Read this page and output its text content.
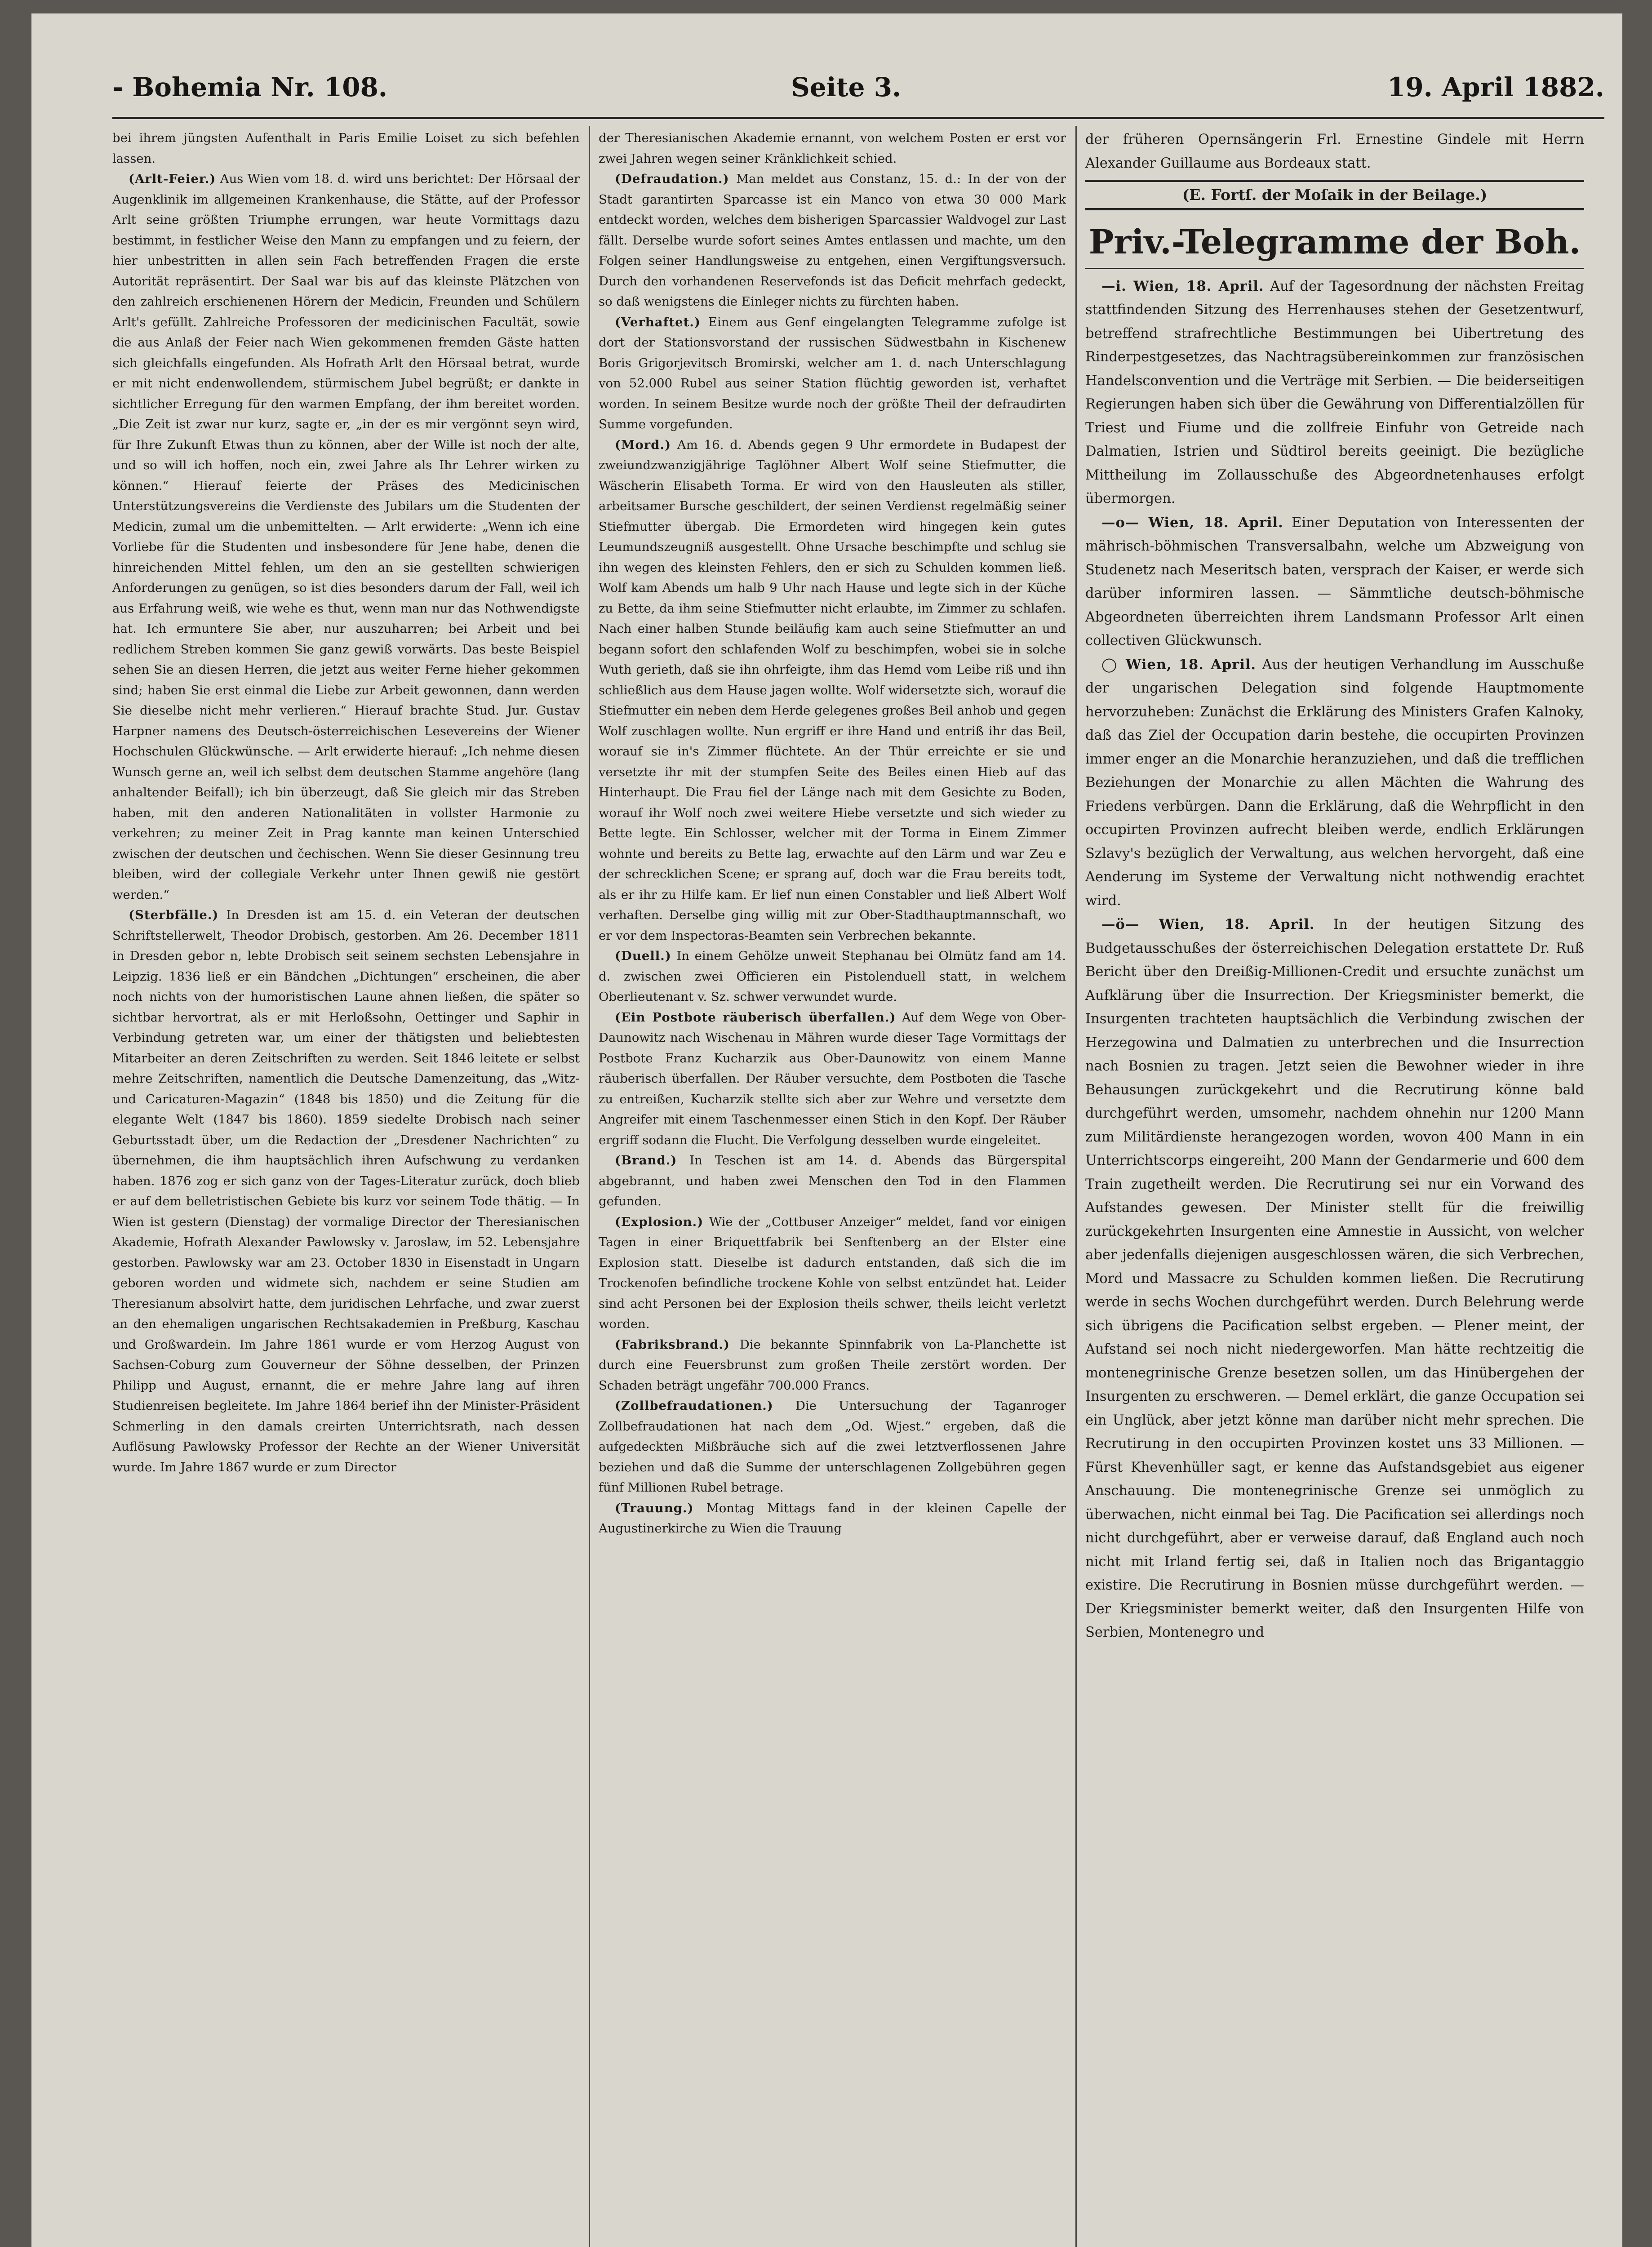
- Bohemia Nr. 108.	Seite 3.	19. April 1882.

bei ihrem jüngsten Aufenthalt in Paris Emilie Loiset zu sich befehlen lassen.

(Arlt-Feier.) Aus Wien vom 18. d. wird uns berichtet: Der Hörsaal der Augenklinik im allgemeinen Krankenhause, die Stätte, auf der Professor Arlt seine größten Triumphe errungen, war heute Vormittags dazu bestimmt, in festlicher Weise den Mann zu empfangen und zu feiern, der hier unbestritten in allen sein Fach betreffenden Fragen die erste Autorität repräsentirt. Der Saal war bis auf das kleinste Plätzchen von den zahlreich erschienenen Hörern der Medicin, Freunden und Schülern Arlt's gefüllt. Zahlreiche Professoren der medicinischen Facultät, sowie die aus Anlaß der Feier nach Wien gekommenen fremden Gäste hatten sich gleichfalls eingefunden. Als Hofrath Arlt den Hörsaal betrat, wurde er mit nicht endenwollendem, stürmischem Jubel begrüßt; er dankte in sichtlicher Erregung für den warmen Empfang, der ihm bereitet worden. „Die Zeit ist zwar nur kurz, sagte er, „in der es mir vergönnt seyn wird, für Ihre Zukunft Etwas thun zu können, aber der Wille ist noch der alte, und so will ich hoffen, noch ein, zwei Jahre als Ihr Lehrer wirken zu können.“ Hierauf feierte der Präses des Medicinischen Unterstützungsvereins die Verdienste des Jubilars um die Studenten der Medicin, zumal um die unbemittelten. — Arlt erwiderte: „Wenn ich eine Vorliebe für die Studenten und insbesondere für Jene habe, denen die hinreichenden Mittel fehlen, um den an sie gestellten schwierigen Anforderungen zu genügen, so ist dies besonders darum der Fall, weil ich aus Erfahrung weiß, wie wehe es thut, wenn man nur das Nothwendigste hat. Ich ermuntere Sie aber, nur auszuharren; bei Arbeit und bei redlichem Streben kommen Sie ganz gewiß vorwärts. Das beste Beispiel sehen Sie an diesen Herren, die jetzt aus weiter Ferne hieher gekommen sind; haben Sie erst einmal die Liebe zur Arbeit gewonnen, dann werden Sie dieselbe nicht mehr verlieren.“ Hierauf brachte Stud. Jur. Gustav Harpner namens des Deutsch-österreichischen Lesevereins der Wiener Hochschulen Glückwünsche. — Arlt erwiderte hierauf: „Ich nehme diesen Wunsch gerne an, weil ich selbst dem deutschen Stamme angehöre (lang anhaltender Beifall); ich bin überzeugt, daß Sie gleich mir das Streben haben, mit den anderen Nationalitäten in vollster Harmonie zu verkehren; zu meiner Zeit in Prag kannte man keinen Unterschied zwischen der deutschen und čechischen. Wenn Sie dieser Gesinnung treu bleiben, wird der collegiale Verkehr unter Ihnen gewiß nie gestört werden.“

(Sterbfälle.) In Dresden ist am 15. d. ein Veteran der deutschen Schriftstellerwelt, Theodor Drobisch, gestorben. Am 26. December 1811 in Dresden gebor n, lebte Drobisch seit seinem sechsten Lebensjahre in Leipzig. 1836 ließ er ein Bändchen „Dichtungen“ erscheinen, die aber noch nichts von der humoristischen Laune ahnen ließen, die später so sichtbar hervortrat, als er mit Herloßsohn, Oettinger und Saphir in Verbindung getreten war, um einer der thätigsten und beliebtesten Mitarbeiter an deren Zeitschriften zu werden. Seit 1846 leitete er selbst mehre Zeitschriften, namentlich die Deutsche Damenzeitung, das „Witz- und Caricaturen-Magazin“ (1848 bis 1850) und die Zeitung für die elegante Welt (1847 bis 1860). 1859 siedelte Drobisch nach seiner Geburtsstadt über, um die Redaction der „Dresdener Nachrichten“ zu übernehmen, die ihm hauptsächlich ihren Aufschwung zu verdanken haben. 1876 zog er sich ganz von der Tages-Literatur zurück, doch blieb er auf dem belletristischen Gebiete bis kurz vor seinem Tode thätig. — In Wien ist gestern (Dienstag) der vormalige Director der Theresianischen Akademie, Hofrath Alexander Pawlowsky v. Jaroslaw, im 52. Lebensjahre gestorben. Pawlowsky war am 23. October 1830 in Eisenstadt in Ungarn geboren worden und widmete sich, nachdem er seine Studien am Theresianum absolvirt hatte, dem juridischen Lehrfache, und zwar zuerst an den ehemaligen ungarischen Rechtsakademien in Preßburg, Kaschau und Großwardein. Im Jahre 1861 wurde er vom Herzog August von Sachsen-Coburg zum Gouverneur der Söhne desselben, der Prinzen Philipp und August, ernannt, die er mehre Jahre lang auf ihren Studienreisen begleitete. Im Jahre 1864 berief ihn der Minister-Präsident Schmerling in den damals creirten Unterrichtsrath, nach dessen Auflösung Pawlowsky Professor der Rechte an der Wiener Universität wurde. Im Jahre 1867 wurde er zum Director

der Theresianischen Akademie ernannt, von welchem Posten er erst vor zwei Jahren wegen seiner Kränklichkeit schied.

(Defraudation.) Man meldet aus Constanz, 15. d.: In der von der Stadt garantirten Sparcasse ist ein Manco von etwa 30 000 Mark entdeckt worden, welches dem bisherigen Sparcassier Waldvogel zur Last fällt. Derselbe wurde sofort seines Amtes entlassen und machte, um den Folgen seiner Handlungsweise zu entgehen, einen Vergiftungsversuch. Durch den vorhandenen Reservefonds ist das Deficit mehrfach gedeckt, so daß wenigstens die Einleger nichts zu fürchten haben.

(Verhaftet.) Einem aus Genf eingelangten Telegramme zufolge ist dort der Stationsvorstand der russischen Südwestbahn in Kischenew Boris Grigorjevitsch Bromirski, welcher am 1. d. nach Unterschlagung von 52.000 Rubel aus seiner Station flüchtig geworden ist, verhaftet worden. In seinem Besitze wurde noch der größte Theil der defraudirten Summe vorgefunden.

(Mord.) Am 16. d. Abends gegen 9 Uhr ermordete in Budapest der zweiundzwanzigjährige Taglöhner Albert Wolf seine Stiefmutter, die Wäscherin Elisabeth Torma. Er wird von den Hausleuten als stiller, arbeitsamer Bursche geschildert, der seinen Verdienst regelmäßig seiner Stiefmutter übergab. Die Ermordeten wird hingegen kein gutes Leumundszeugniß ausgestellt. Ohne Ursache beschimpfte und schlug sie ihn wegen des kleinsten Fehlers, den er sich zu Schulden kommen ließ. Wolf kam Abends um halb 9 Uhr nach Hause und legte sich in der Küche zu Bette, da ihm seine Stiefmutter nicht erlaubte, im Zimmer zu schlafen. Nach einer halben Stunde beiläufig kam auch seine Stiefmutter an und begann sofort den schlafenden Wolf zu beschimpfen, wobei sie in solche Wuth gerieth, daß sie ihn ohrfeigte, ihm das Hemd vom Leibe riß und ihn schließlich aus dem Hause jagen wollte. Wolf widersetzte sich, worauf die Stiefmutter ein neben dem Herde gelegenes großes Beil anhob und gegen Wolf zuschlagen wollte. Nun ergriff er ihre Hand und entriß ihr das Beil, worauf sie in's Zimmer flüchtete. An der Thür erreichte er sie und versetzte ihr mit der stumpfen Seite des Beiles einen Hieb auf das Hinterhaupt. Die Frau fiel der Länge nach mit dem Gesichte zu Boden, worauf ihr Wolf noch zwei weitere Hiebe versetzte und sich wieder zu Bette legte. Ein Schlosser, welcher mit der Torma in Einem Zimmer wohnte und bereits zu Bette lag, erwachte auf den Lärm und war Zeu e der schrecklichen Scene; er sprang auf, doch war die Frau bereits todt, als er ihr zu Hilfe kam. Er lief nun einen Constabler und ließ Albert Wolf verhaften. Derselbe ging willig mit zur Ober-Stadthauptmannschaft, wo er vor dem Inspectoras-Beamten sein Verbrechen bekannte.

(Duell.) In einem Gehölze unweit Stephanau bei Olmütz fand am 14. d. zwischen zwei Officieren ein Pistolenduell statt, in welchem Oberlieutenant v. Sz. schwer verwundet wurde.

(Ein Postbote räuberisch überfallen.) Auf dem Wege von Ober-Daunowitz nach Wischenau in Mähren wurde dieser Tage Vormittags der Postbote Franz Kucharzik aus Ober-Daunowitz von einem Manne räuberisch überfallen. Der Räuber versuchte, dem Postboten die Tasche zu entreißen, Kucharzik stellte sich aber zur Wehre und versetzte dem Angreifer mit einem Taschenmesser einen Stich in den Kopf. Der Räuber ergriff sodann die Flucht. Die Verfolgung desselben wurde eingeleitet.

(Brand.) In Teschen ist am 14. d. Abends das Bürgerspital abgebrannt, und haben zwei Menschen den Tod in den Flammen gefunden.

(Explosion.) Wie der „Cottbuser Anzeiger“ meldet, fand vor einigen Tagen in einer Briquettfabrik bei Senftenberg an der Elster eine Explosion statt. Dieselbe ist dadurch entstanden, daß sich die im Trockenofen befindliche trockene Kohle von selbst entzündet hat. Leider sind acht Personen bei der Explosion theils schwer, theils leicht verletzt worden.

(Fabriksbrand.) Die bekannte Spinnfabrik von La-Planchette ist durch eine Feuersbrunst zum großen Theile zerstört worden. Der Schaden beträgt ungefähr 700.000 Francs.

(Zollbefraudationen.) Die Untersuchung der Taganroger Zollbefraudationen hat nach dem „Od. Wjest.“ ergeben, daß die aufgedeckten Mißbräuche sich auf die zwei letztverflossenen Jahre beziehen und daß die Summe der unterschlagenen Zollgebühren gegen fünf Millionen Rubel betrage.

(Trauung.) Montag Mittags fand in der kleinen Capelle der Augustinerkirche zu Wien die Trauung

der früheren Opernsängerin Frl. Ernestine Gindele mit Herrn Alexander Guillaume aus Bordeaux statt.

(E. Fortſ. der Moſaik in der Beilage.)
Priv.-Telegramme der Boh.

—i. Wien, 18. April. Auf der Tagesordnung der nächsten Freitag stattfindenden Sitzung des Herrenhauses stehen der Gesetzentwurf, betreffend strafrechtliche Bestimmungen bei Uibertretung des Rinderpestgesetzes, das Nachtragsübereinkommen zur französischen Handelsconvention und die Verträge mit Serbien. — Die beiderseitigen Regierungen haben sich über die Gewährung von Differentialzöllen für Triest und Fiume und die zollfreie Einfuhr von Getreide nach Dalmatien, Istrien und Südtirol bereits geeinigt. Die bezügliche Mittheilung im Zollausschuße des Abgeordnetenhauses erfolgt übermorgen.

—o— Wien, 18. April. Einer Deputation von Interessenten der mährisch-böhmischen Transversalbahn, welche um Abzweigung von Studenetz nach Meseritsch baten, versprach der Kaiser, er werde sich darüber informiren lassen. — Sämmtliche deutsch-böhmische Abgeordneten überreichten ihrem Landsmann Professor Arlt einen collectiven Glückwunsch.

◯ Wien, 18. April. Aus der heutigen Verhandlung im Ausschuße der ungarischen Delegation sind folgende Hauptmomente hervorzuheben: Zunächst die Erklärung des Ministers Grafen Kalnoky, daß das Ziel der Occupation darin bestehe, die occupirten Provinzen immer enger an die Monarchie heranzuziehen, und daß die trefflichen Beziehungen der Monarchie zu allen Mächten die Wahrung des Friedens verbürgen. Dann die Erklärung, daß die Wehrpflicht in den occupirten Provinzen aufrecht bleiben werde, endlich Erklärungen Szlavy's bezüglich der Verwaltung, aus welchen hervorgeht, daß eine Aenderung im Systeme der Verwaltung nicht nothwendig erachtet wird.

—ö— Wien, 18. April. In der heutigen Sitzung des Budgetausschußes der österreichischen Delegation erstattete Dr. Ruß Bericht über den Dreißig-Millionen-Credit und ersuchte zunächst um Aufklärung über die Insurrection. Der Kriegsminister bemerkt, die Insurgenten trachteten hauptsächlich die Verbindung zwischen der Herzegowina und Dalmatien zu unterbrechen und die Insurrection nach Bosnien zu tragen. Jetzt seien die Bewohner wieder in ihre Behausungen zurückgekehrt und die Recrutirung könne bald durchgeführt werden, umsomehr, nachdem ohnehin nur 1200 Mann zum Militärdienste herangezogen worden, wovon 400 Mann in ein Unterrichtscorps eingereiht, 200 Mann der Gendarmerie und 600 dem Train zugetheilt werden. Die Recrutirung sei nur ein Vorwand des Aufstandes gewesen. Der Minister stellt für die freiwillig zurückgekehrten Insurgenten eine Amnestie in Aussicht, von welcher aber jedenfalls diejenigen ausgeschlossen wären, die sich Verbrechen, Mord und Massacre zu Schulden kommen ließen. Die Recrutirung werde in sechs Wochen durchgeführt werden. Durch Belehrung werde sich übrigens die Pacification selbst ergeben. — Plener meint, der Aufstand sei noch nicht niedergeworfen. Man hätte rechtzeitig die montenegrinische Grenze besetzen sollen, um das Hinübergehen der Insurgenten zu erschweren. — Demel erklärt, die ganze Occupation sei ein Unglück, aber jetzt könne man darüber nicht mehr sprechen. Die Recrutirung in den occupirten Provinzen kostet uns 33 Millionen. — Fürst Khevenhüller sagt, er kenne das Aufstandsgebiet aus eigener Anschauung. Die montenegrinische Grenze sei unmöglich zu überwachen, nicht einmal bei Tag. Die Pacification sei allerdings noch nicht durchgeführt, aber er verweise darauf, daß England auch noch nicht mit Irland fertig sei, daß in Italien noch das Brigantaggio existire. Die Recrutirung in Bosnien müsse durchgeführt werden. — Der Kriegsminister bemerkt weiter, daß den Insurgenten Hilfe von Serbien, Montenegro und
